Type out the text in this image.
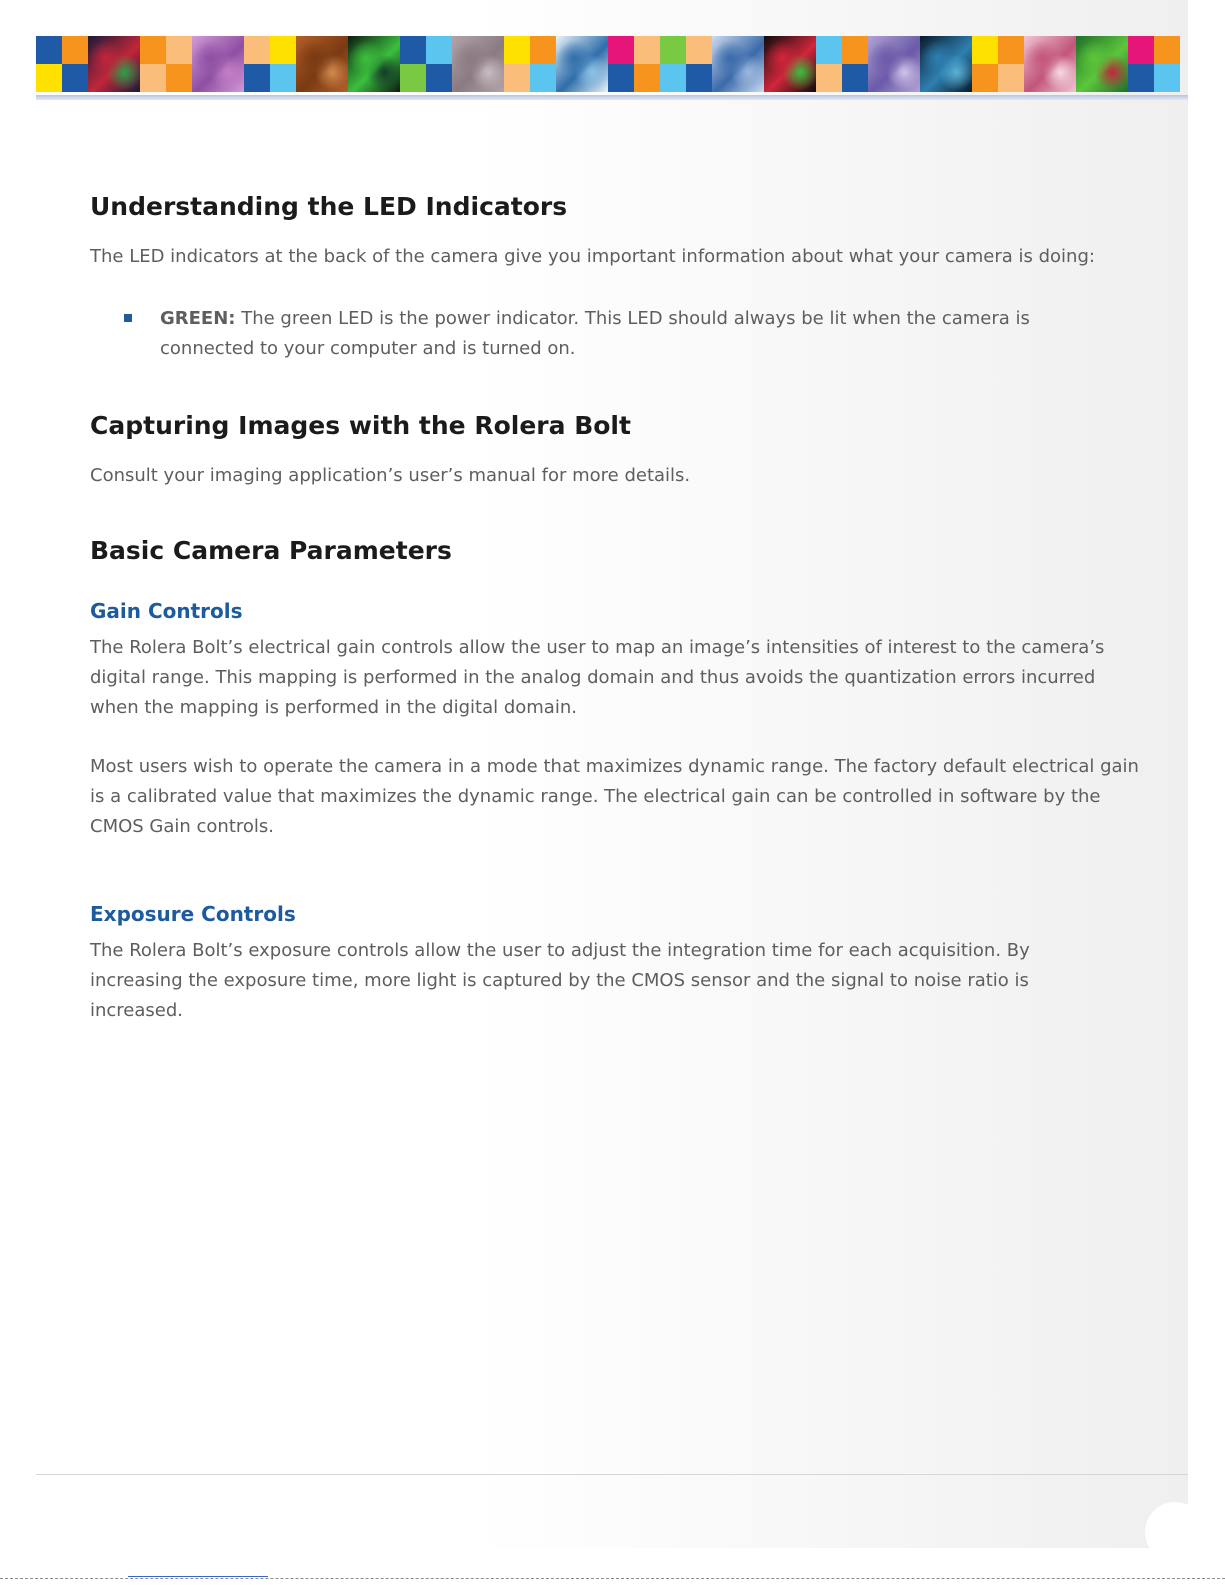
Understanding the LED Indicators

The LED indicators at the back of the camera give you important information about what your camera is doing:

GREEN: The green LED is the power indicator. This LED should always be lit when the camera is connected to your computer and is turned on.
Capturing Images with the Rolera Bolt

Consult your imaging application’s user’s manual for more details.

Basic Camera Parameters
Gain Controls

The Rolera Bolt’s electrical gain controls allow the user to map an image’s intensities of interest to the camera’s digital range. This mapping is performed in the analog domain and thus avoids the quantization errors incurred when the mapping is performed in the digital domain.

Most users wish to operate the camera in a mode that maximizes dynamic range. The factory default electrical gain is a calibrated value that maximizes the dynamic range. The electrical gain can be controlled in software by the CMOS Gain controls.

Exposure Controls

The Rolera Bolt’s exposure controls allow the user to adjust the integration time for each acquisition. By increasing the exposure time, more light is captured by the CMOS sensor and the signal to noise ratio is increased.
